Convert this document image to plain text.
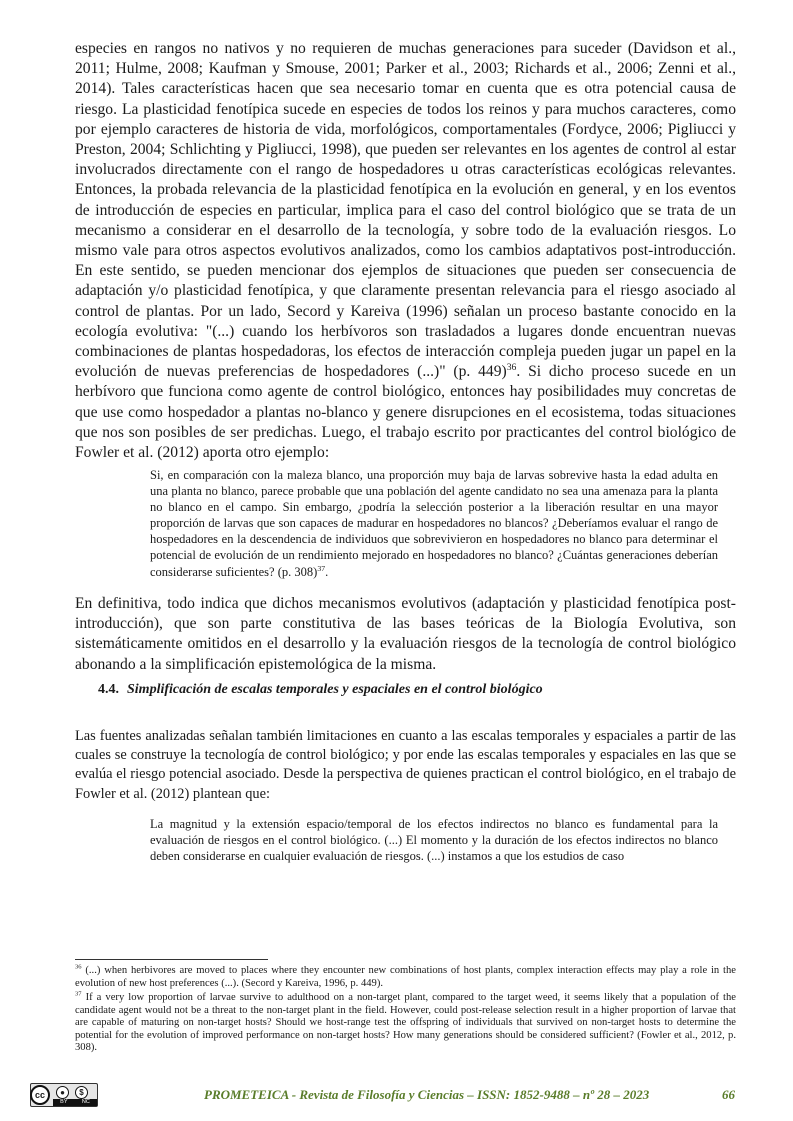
especies en rangos no nativos y no requieren de muchas generaciones para suceder (Davidson et al., 2011; Hulme, 2008; Kaufman y Smouse, 2001; Parker et al., 2003; Richards et al., 2006; Zenni et al., 2014). Tales características hacen que sea necesario tomar en cuenta que es otra potencial causa de riesgo. La plasticidad fenotípica sucede en especies de todos los reinos y para muchos caracteres, como por ejemplo caracteres de historia de vida, morfológicos, comportamentales (Fordyce, 2006; Pigliucci y Preston, 2004; Schlichting y Pigliucci, 1998), que pueden ser relevantes en los agentes de control al estar involucrados directamente con el rango de hospedadores u otras características ecológicas relevantes. Entonces, la probada relevancia de la plasticidad fenotípica en la evolución en general, y en los eventos de introducción de especies en particular, implica para el caso del control biológico que se trata de un mecanismo a considerar en el desarrollo de la tecnología, y sobre todo de la evaluación riesgos. Lo mismo vale para otros aspectos evolutivos analizados, como los cambios adaptativos post-introducción. En este sentido, se pueden mencionar dos ejemplos de situaciones que pueden ser consecuencia de adaptación y/o plasticidad fenotípica, y que claramente presentan relevancia para el riesgo asociado al control de plantas. Por un lado, Secord y Kareiva (1996) señalan un proceso bastante conocido en la ecología evolutiva: "(...) cuando los herbívoros son trasladados a lugares donde encuentran nuevas combinaciones de plantas hospedadoras, los efectos de interacción compleja pueden jugar un papel en la evolución de nuevas preferencias de hospedadores (...)" (p. 449)$^{36}$. Si dicho proceso sucede en un herbívoro que funciona como agente de control biológico, entonces hay posibilidades muy concretas de que use como hospedador a plantas no-blanco y genere disrupciones en el ecosistema, todas situaciones que nos son posibles de ser predichas. Luego, el trabajo escrito por practicantes del control biológico de Fowler et al. (2012) aporta otro ejemplo:

Si, en comparación con la maleza blanco, una proporción muy baja de larvas sobrevive hasta la edad adulta en una planta no blanco, parece probable que una población del agente candidato no sea una amenaza para la planta no blanco en el campo. Sin embargo, ¿podría la selección posterior a la liberación resultar en una mayor proporción de larvas que son capaces de madurar en hospedadores no blancos? ¿Deberíamos evaluar el rango de hospedadores en la descendencia de individuos que sobrevivieron en hospedadores no blanco para determinar el potencial de evolución de un rendimiento mejorado en hospedadores no blanco? ¿Cuántas generaciones deberían considerarse suficientes? (p. 308)$^{37}$.

En definitiva, todo indica que dichos mecanismos evolutivos (adaptación y plasticidad fenotípica post-introducción), que son parte constitutiva de las bases teóricas de la Biología Evolutiva, son sistemáticamente omitidos en el desarrollo y la evaluación riesgos de la tecnología de control biológico abonando a la simplificación epistemológica de la misma.

4.4. Simplificación de escalas temporales y espaciales en el control biológico

Las fuentes analizadas señalan también limitaciones en cuanto a las escalas temporales y espaciales a partir de las cuales se construye la tecnología de control biológico; y por ende las escalas temporales y espaciales en las que se evalúa el riesgo potencial asociado. Desde la perspectiva de quienes practican el control biológico, en el trabajo de Fowler et al. (2012) plantean que:

La magnitud y la extensión espacio/temporal de los efectos indirectos no blanco es fundamental para la evaluación de riesgos en el control biológico. (...) El momento y la duración de los efectos indirectos no blanco deben considerarse en cualquier evaluación de riesgos. (...) instamos a que los estudios de caso

$^{36}$ (...) when herbivores are moved to places where they encounter new combinations of host plants, complex interaction effects may play a role in the evolution of new host preferences (...). (Secord y Kareiva, 1996, p. 449).

$^{37}$ If a very low proportion of larvae survive to adulthood on a non-target plant, compared to the target weed, it seems likely that a population of the candidate agent would not be a threat to the non-target plant in the field. However, could post-release selection result in a higher proportion of larvae that are capable of maturing on non-target hosts? Should we host-range test the offspring of individuals that survived on non-target hosts to determine the potential for the evolution of improved performance on non-target hosts? How many generations should be considered sufficient? (Fowler et al., 2012, p. 308).

cc	●	$
BY	NC	PROMETEICA - Revista de Filosofía y Ciencias – ISSN: 1852-9488 – nº 28 – 2023	66
